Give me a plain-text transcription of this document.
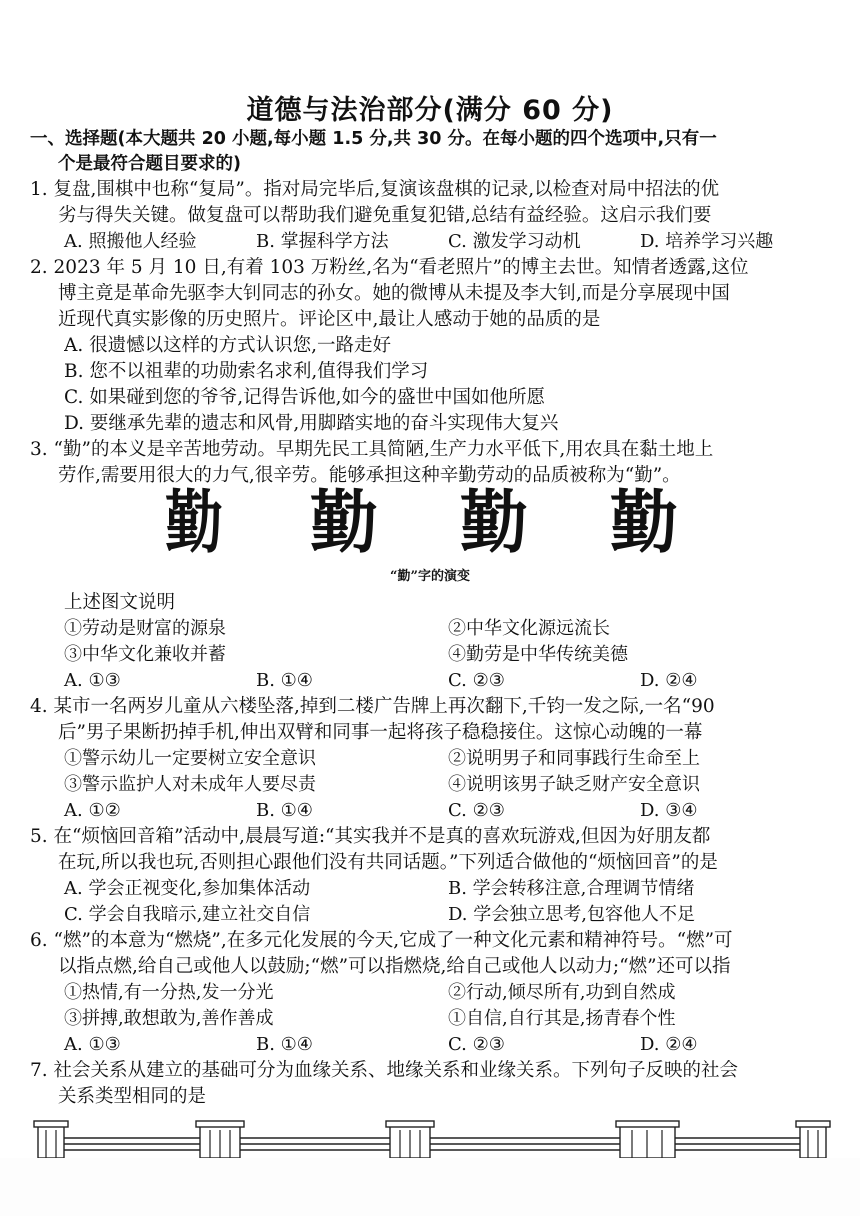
道德与法治部分(满分 60 分)
一、选择题(本大题共 20 小题,每小题 1.5 分,共 30 分。在每小题的四个选项中,只有一
个是最符合题目要求的)
1. 复盘,围棋中也称“复局”。指对局完毕后,复演该盘棋的记录,以检查对局中招法的优
劣与得失关键。做复盘可以帮助我们避免重复犯错,总结有益经验。这启示我们要
A. 照搬他人经验	B. 掌握科学方法	C. 激发学习动机	D. 培养学习兴趣
2. 2023 年 5 月 10 日,有着 103 万粉丝,名为“看老照片”的博主去世。知情者透露,这位
博主竟是革命先驱李大钊同志的孙女。她的微博从未提及李大钊,而是分享展现中国
近现代真实影像的历史照片。评论区中,最让人感动于她的品质的是
A. 很遗憾以这样的方式认识您,一路走好
B. 您不以祖辈的功勋索名求利,值得我们学习
C. 如果碰到您的爷爷,记得告诉他,如今的盛世中国如他所愿
D. 要继承先辈的遗志和风骨,用脚踏实地的奋斗实现伟大复兴
3. “勤”的本义是辛苦地劳动。早期先民工具简陋,生产力水平低下,用农具在黏土地上
劳作,需要用很大的力气,很辛劳。能够承担这种辛勤劳动的品质被称为“勤”。
勤 勤 勤 勤
“勤”字的演变
上述图文说明
①劳动是财富的源泉	②中华文化源远流长
③中华文化兼收并蓄	④勤劳是中华传统美德
A. ①③	B. ①④	C. ②③	D. ②④
4. 某市一名两岁儿童从六楼坠落,掉到二楼广告牌上再次翻下,千钧一发之际,一名“90
后”男子果断扔掉手机,伸出双臂和同事一起将孩子稳稳接住。这惊心动魄的一幕
①警示幼儿一定要树立安全意识	②说明男子和同事践行生命至上
③警示监护人对未成年人要尽责	④说明该男子缺乏财产安全意识
A. ①②	B. ①④	C. ②③	D. ③④
5. 在“烦恼回音箱”活动中,晨晨写道:“其实我并不是真的喜欢玩游戏,但因为好朋友都
在玩,所以我也玩,否则担心跟他们没有共同话题。”下列适合做他的“烦恼回音”的是
A. 学会正视变化,参加集体活动	B. 学会转移注意,合理调节情绪
C. 学会自我暗示,建立社交自信	D. 学会独立思考,包容他人不足
6. “燃”的本意为“燃烧”,在多元化发展的今天,它成了一种文化元素和精神符号。“燃”可
以指点燃,给自己或他人以鼓励;“燃”可以指燃烧,给自己或他人以动力;“燃”还可以指
①热情,有一分热,发一分光	②行动,倾尽所有,功到自然成
③拼搏,敢想敢为,善作善成	①自信,自行其是,扬青春个性
A. ①③	B. ①④	C. ②③	D. ②④
7. 社会关系从建立的基础可分为血缘关系、地缘关系和业缘关系。下列句子反映的社会
关系类型相同的是
